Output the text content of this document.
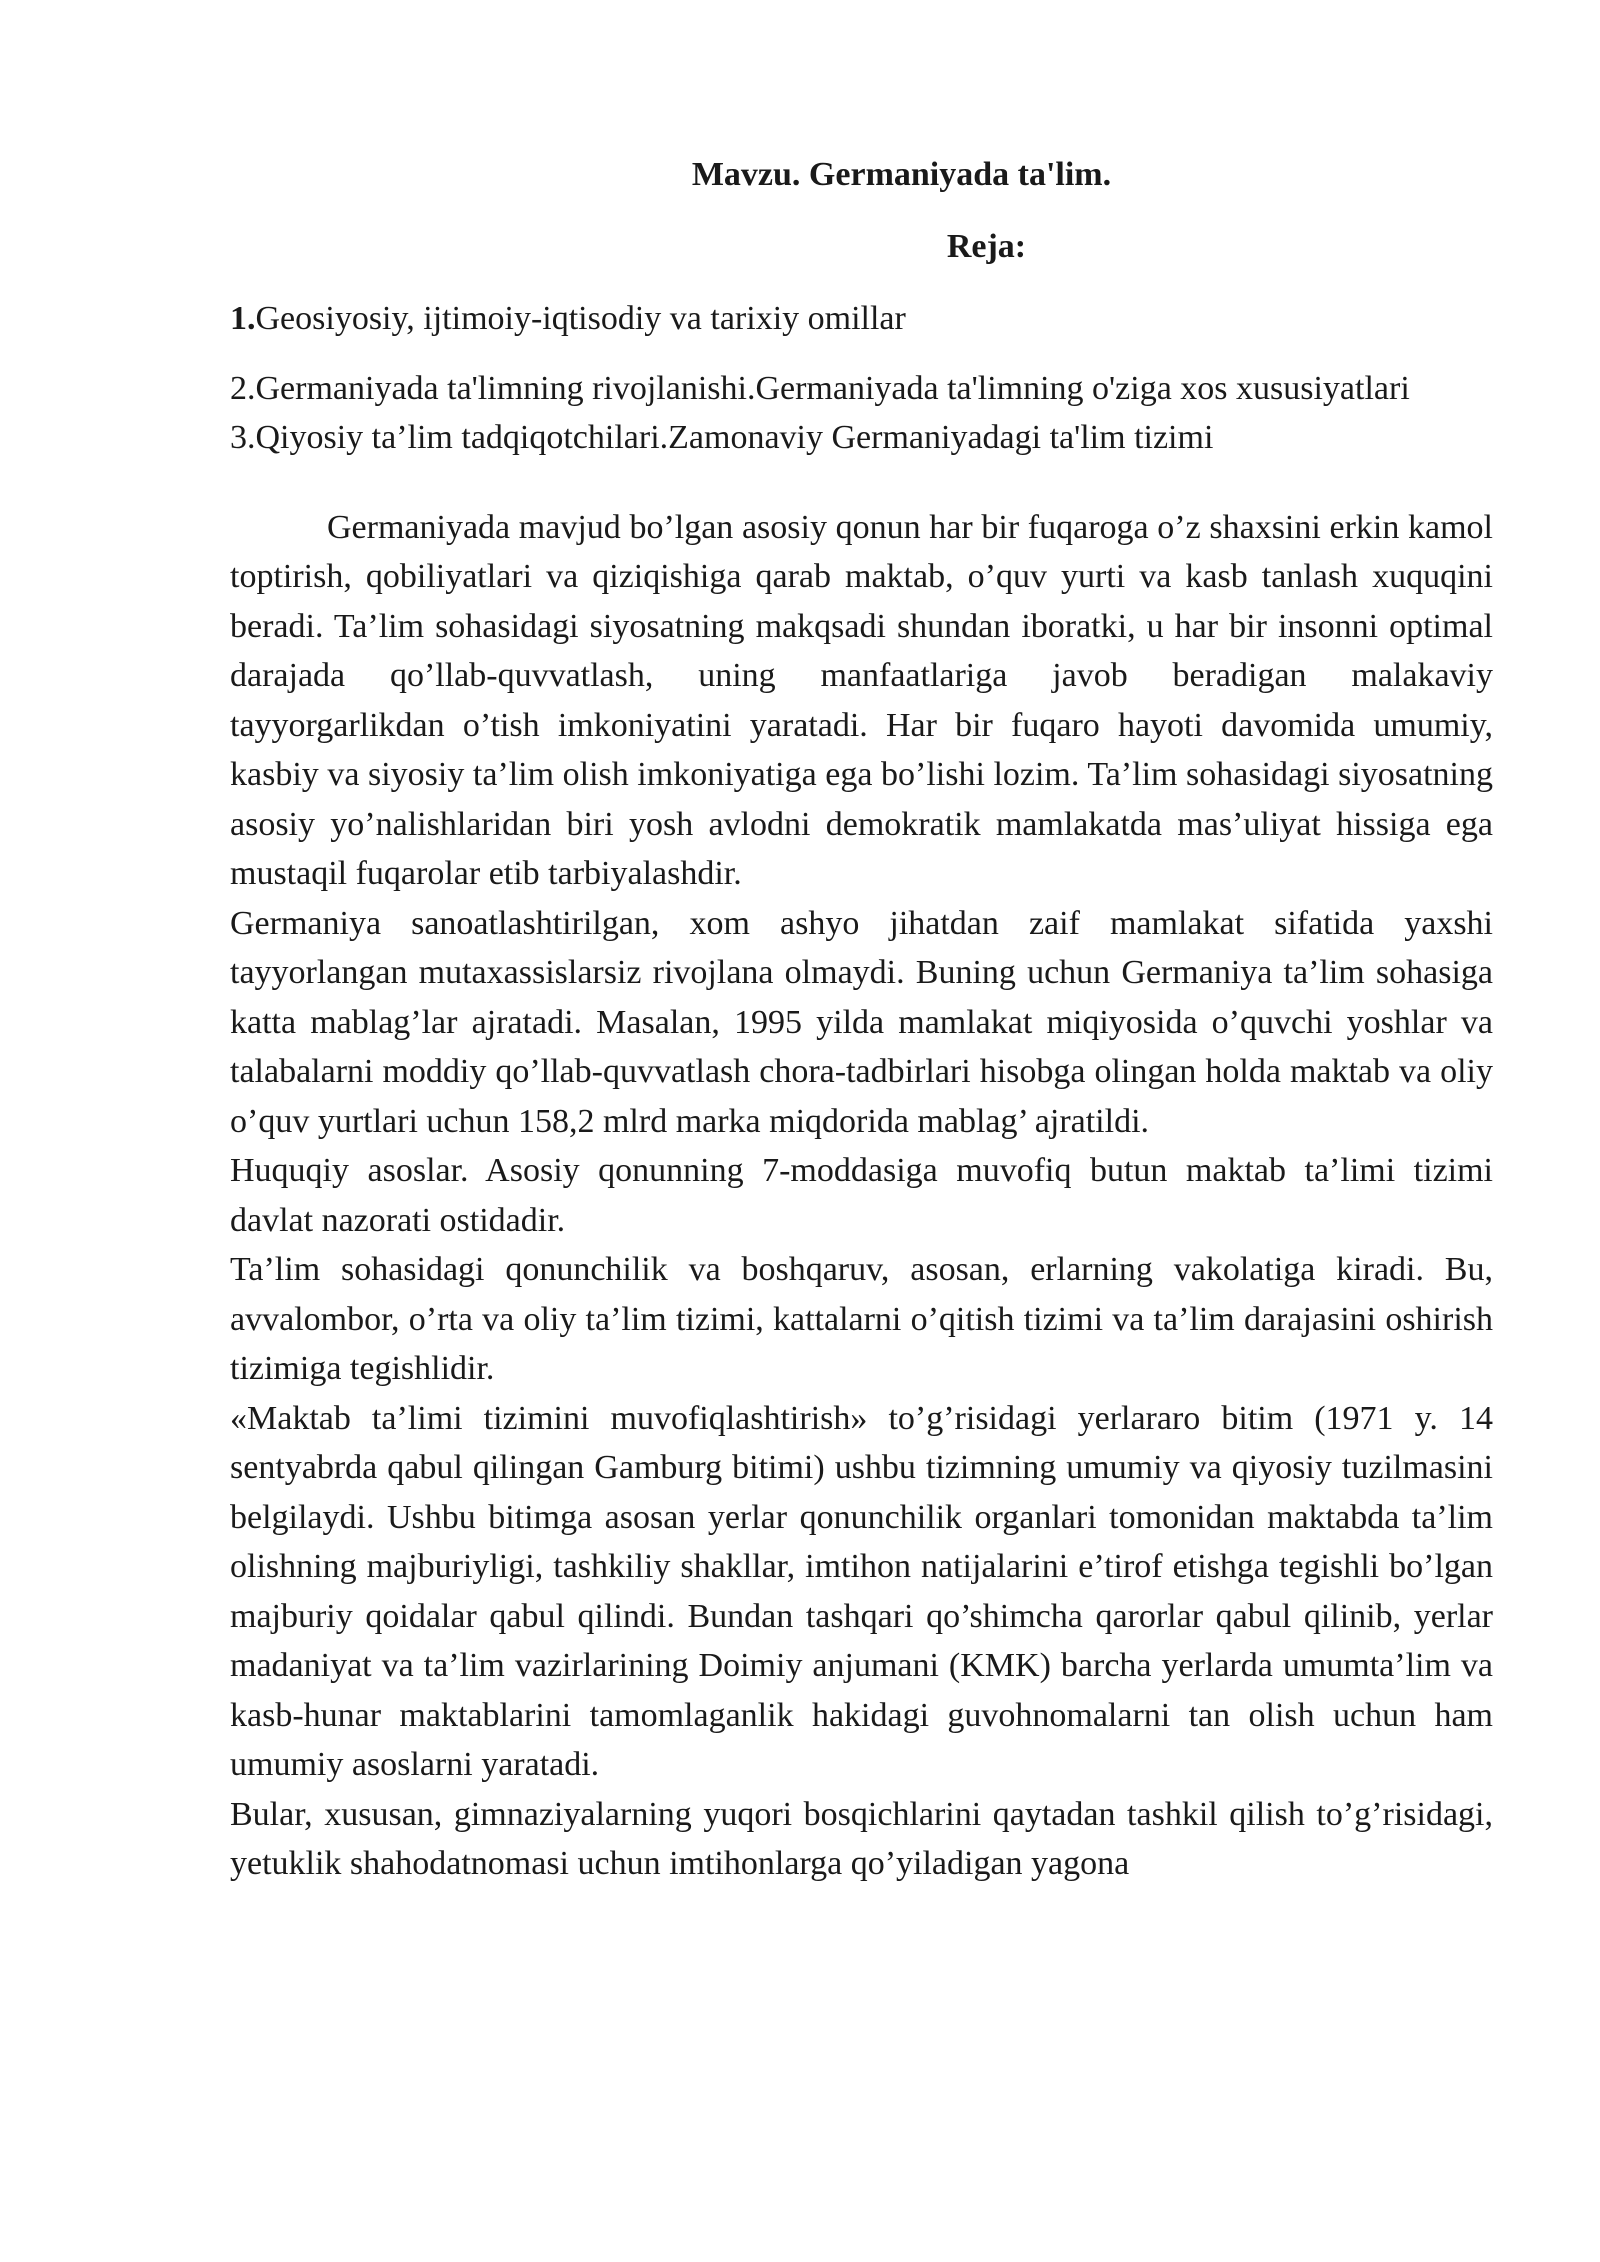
Mavzu. Germaniyada ta'lim.

Reja:

1.Geosiyosiy, ijtimoiy-iqtisodiy va tarixiy omillar

2.Germaniyada ta'limning rivojlanishi.Germaniyada ta'limning o'ziga xos xususiyatlari

3.Qiyosiy ta’lim tadqiqotchilari.Zamonaviy Germaniyadagi ta'lim tizimi

Germaniyada mavjud bo’lgan asosiy qonun har bir fuqaroga o’z shaxsini erkin kamol toptirish, qobiliyatlari va qiziqishiga qarab maktab, o’quv yurti va kasb tanlash xuquqini beradi. Ta’lim sohasidagi siyosatning makqsadi shundan iboratki, u har bir insonni optimal darajada qo’llab-quvvatlash, uning manfaatlariga javob beradigan malakaviy tayyorgarlikdan o’tish imkoniyatini yaratadi. Har bir fuqaro hayoti davomida umumiy, kasbiy va siyosiy ta’lim olish imkoniyatiga ega bo’lishi lozim. Ta’lim sohasidagi siyosatning asosiy yo’nalishlaridan biri yosh avlodni demokratik mamlakatda mas’uliyat hissiga ega mustaqil fuqarolar etib tarbiyalashdir.

Germaniya sanoatlashtirilgan, xom ashyo jihatdan zaif mamlakat sifatida yaxshi tayyorlangan mutaxassislarsiz rivojlana olmaydi. Buning uchun Germaniya ta’lim sohasiga katta mablag’lar ajratadi. Masalan, 1995 yilda mamlakat miqiyosida o’quvchi yoshlar va talabalarni moddiy qo’llab-quvvatlash chora-tadbirlari hisobga olingan holda maktab va oliy o’quv yurtlari uchun 158,2 mlrd marka miqdorida mablag’ ajratildi.

Huquqiy asoslar. Asosiy qonunning 7-moddasiga muvofiq butun maktab ta’limi tizimi davlat nazorati ostidadir.

Ta’lim sohasidagi qonunchilik va boshqaruv, asosan, erlarning vakolatiga kiradi. Bu, avvalombor, o’rta va oliy ta’lim tizimi, kattalarni o’qitish tizimi va ta’lim darajasini oshirish tizimiga tegishlidir.

«Maktab ta’limi tizimini muvofiqlashtirish» to’g’risidagi yerlararo bitim (1971 y. 14 sentyabrda qabul qilingan Gamburg bitimi) ushbu tizimning umumiy va qiyosiy tuzilmasini belgilaydi. Ushbu bitimga asosan yerlar qonunchilik organlari tomonidan maktabda ta’lim olishning majburiyligi, tashkiliy shakllar, imtihon natijalarini e’tirof etishga tegishli bo’lgan majburiy qoidalar qabul qilindi. Bundan tashqari qo’shimcha qarorlar qabul qilinib, yerlar madaniyat va ta’lim vazirlarining Doimiy anjumani (KMK) barcha yerlarda umumta’lim va kasb-hunar maktablarini tamomlaganlik hakidagi guvohnomalarni tan olish uchun ham umumiy asoslarni yaratadi.

Bular, xususan, gimnaziyalarning yuqori bosqichlarini qaytadan tashkil qilish to’g’risidagi, yetuklik shahodatnomasi uchun imtihonlarga qo’yiladigan yagona
